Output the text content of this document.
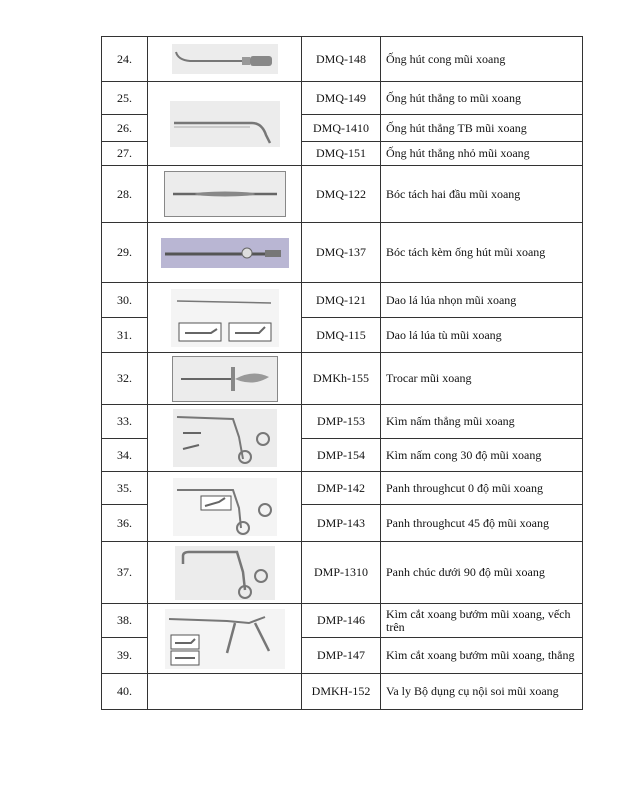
24.		DMQ-148	Ống hút cong mũi xoang
25.		DMQ-149	Ống hút thẳng to mũi xoang
26.		DMQ-1410	Ống hút thẳng TB mũi xoang
27.		DMQ-151	Ống hút thẳng nhỏ mũi xoang
28.		DMQ-122	Bóc tách hai đầu mũi xoang
29.		DMQ-137	Bóc tách kèm ống hút mũi xoang
30.		DMQ-121	Dao lá lúa nhọn mũi xoang
31.		DMQ-115	Dao lá lúa tù mũi xoang
32.		DMKh-155	Trocar mũi xoang
33.		DMP-153	Kìm nấm thẳng mũi xoang
34.		DMP-154	Kìm nấm cong 30 độ mũi xoang
35.		DMP-142	Panh throughcut 0 độ mũi xoang
36.		DMP-143	Panh throughcut 45 độ mũi xoang
37.		DMP-1310	Panh chúc dưới 90 độ mũi xoang
38.		DMP-146	Kìm cắt xoang bướm mũi xoang, vếch trên
39.		DMP-147	Kìm cắt xoang bướm mũi xoang, thẳng
40.		DMKH-152	Va ly Bộ dụng cụ nội soi mũi xoang
